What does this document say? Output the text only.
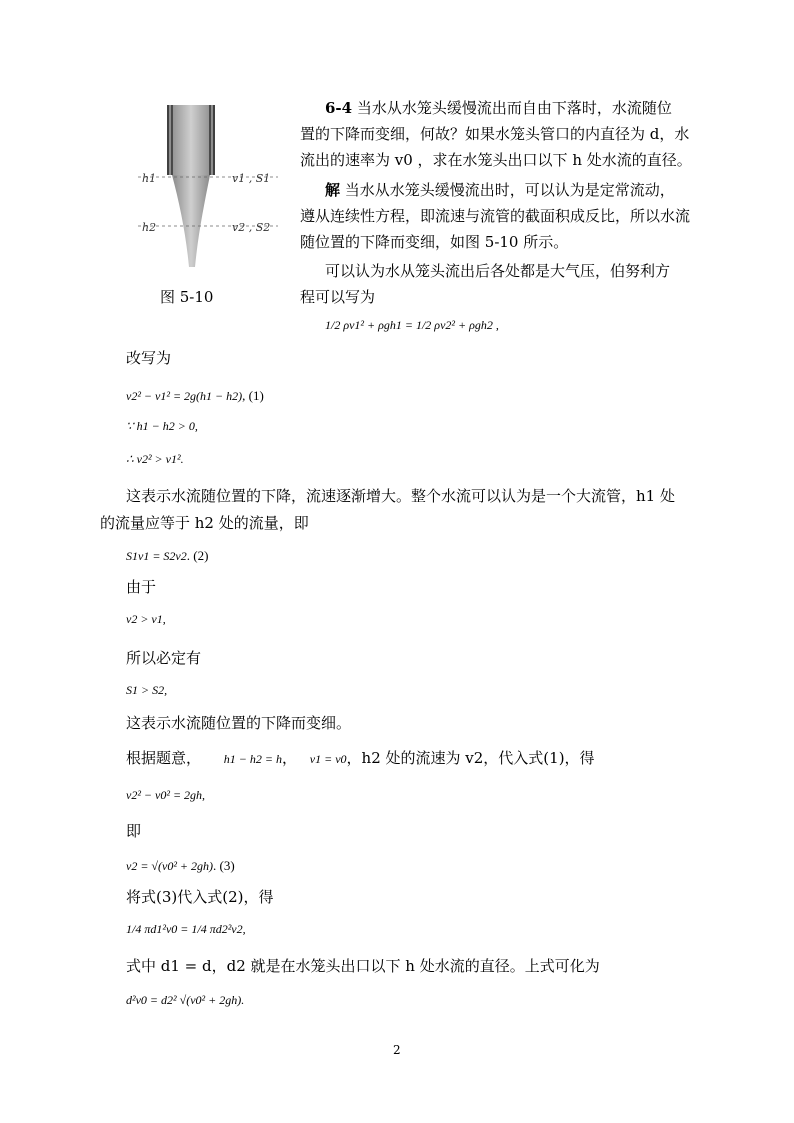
h1
h2
v1 , S1
v2 , S2
图 5-10
6-4 当水从水笼头缓慢流出而自由下落时，水流随位
置的下降而变细，何故？如果水笼头管口的内直径为 d，水
流出的速率为 v0 ，求在水笼头出口以下 h 处水流的直径。
解 当水从水笼头缓慢流出时，可以认为是定常流动，
遵从连续性方程，即流速与流管的截面积成反比，所以水流
随位置的下降而变细，如图 5-10 所示。
可以认为水从笼头流出后各处都是大气压，伯努利方
程可以写为
1/2 ρv1² + ρgh1 = 1/2 ρv2² + ρgh2 ,
改写为
v2² − v1² = 2g(h1 − h2), (1)
∵ h1 − h2 > 0,
∴ v2² > v1².
这表示水流随位置的下降，流速逐渐增大。整个水流可以认为是一个大流管，h1 处
的流量应等于 h2 处的流量，即
S1v1 = S2v2. (2)
由于
v2 > v1,
所以必定有
S1 > S2,
这表示水流随位置的下降而变细。
根据题意， h1 − h2 = h， v1 = v0，h2 处的流速为 v2，代入式(1)，得
v2² − v0² = 2gh,
即
v2 = √(v0² + 2gh). (3)
将式(3)代入式(2)，得
1/4 πd1²v0 = 1/4 πd2²v2,
式中 d1 = d，d2 就是在水笼头出口以下 h 处水流的直径。上式可化为
d²v0 = d2² √(v0² + 2gh).
2
